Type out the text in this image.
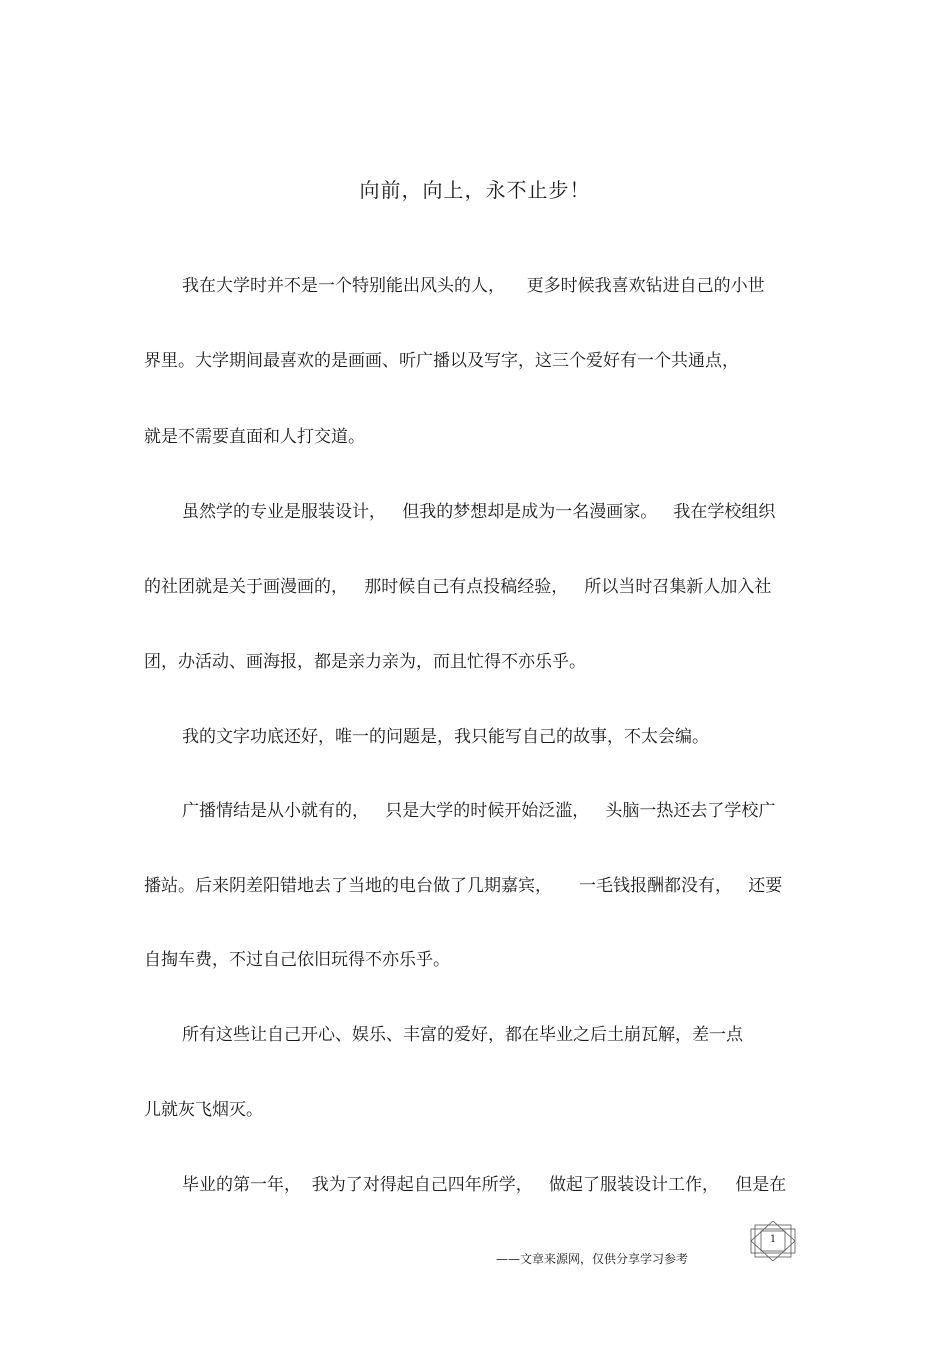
向前，向上，永不止步！
我在大学时并不是一个特别能出风头的人，    更多时候我喜欢钻进自己的小世
界里。大学期间最喜欢的是画画、听广播以及写字，这三个爱好有一个共通点，
就是不需要直面和人打交道。
虽然学的专业是服装设计，   但我的梦想却是成为一名漫画家。   我在学校组织
的社团就是关于画漫画的，   那时候自己有点投稿经验，   所以当时召集新人加入社
团，办活动、画海报，都是亲力亲为，而且忙得不亦乐乎。
我的文字功底还好，唯一的问题是，我只能写自己的故事，不太会编。
广播情结是从小就有的，   只是大学的时候开始泛滥，   头脑一热还去了学校广
播站。后来阴差阳错地去了当地的电台做了几期嘉宾，     一毛钱报酬都没有，   还要
自掏车费，不过自己依旧玩得不亦乐乎。
所有这些让自己开心、娱乐、丰富的爱好，都在毕业之后土崩瓦解，差一点
儿就灰飞烟灭。
毕业的第一年，  我为了对得起自己四年所学，   做起了服装设计工作，   但是在
1
——文章来源网，仅供分享学习参考
